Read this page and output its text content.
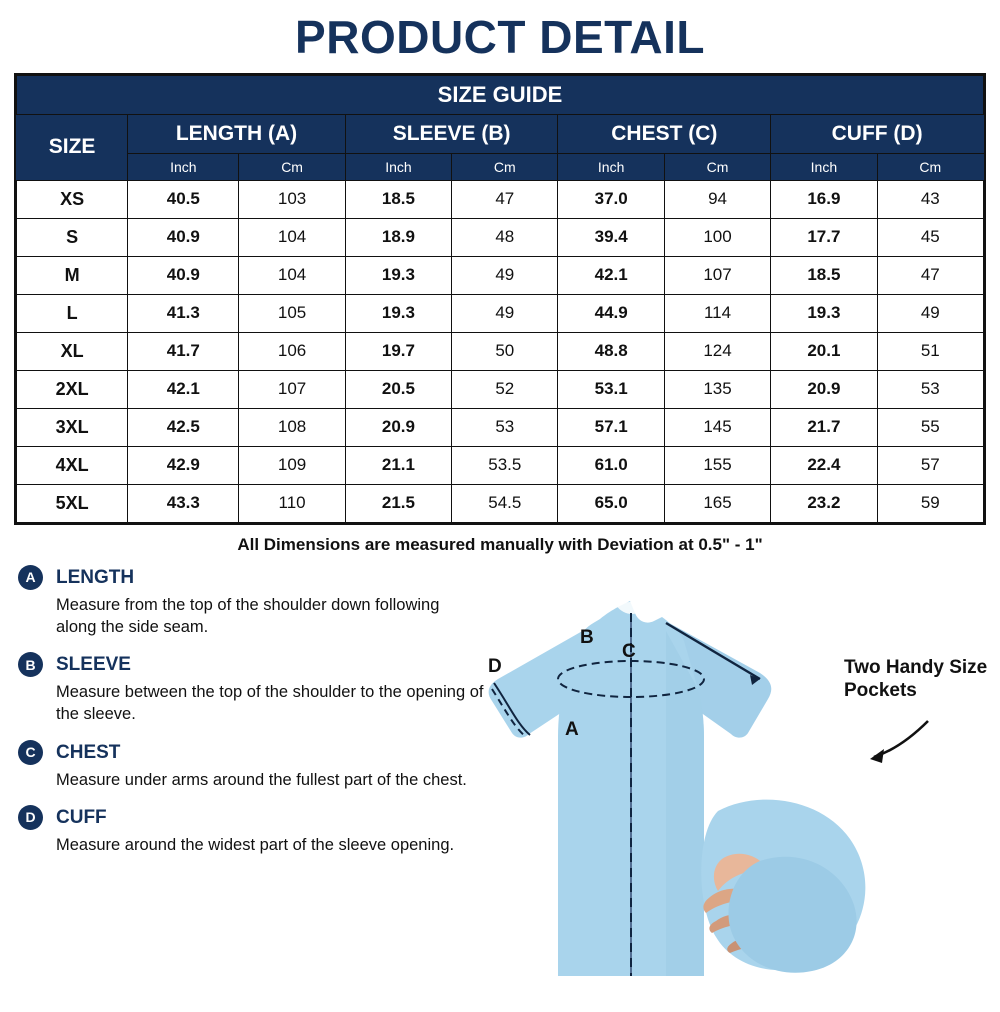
PRODUCT DETAIL
SIZE GUIDE								
SIZE	LENGTH (A)		SLEEVE (B)		CHEST (C)		CUFF (D)	
	Inch	Cm	Inch	Cm	Inch	Cm	Inch	Cm
XS	40.5	103	18.5	47	37.0	94	16.9	43
S	40.9	104	18.9	48	39.4	100	17.7	45
M	40.9	104	19.3	49	42.1	107	18.5	47
L	41.3	105	19.3	49	44.9	114	19.3	49
XL	41.7	106	19.7	50	48.8	124	20.1	51
2XL	42.1	107	20.5	52	53.1	135	20.9	53
3XL	42.5	108	20.9	53	57.1	145	21.7	55
4XL	42.9	109	21.1	53.5	61.0	155	22.4	57
5XL	43.3	110	21.5	54.5	65.0	165	23.2	59
All Dimensions are measured manually with Deviation at 0.5" - 1"
A	LENGTH
Measure from the top of the shoulder down following along the side seam.
B	SLEEVE
Measure between the top of the shoulder to the opening of the sleeve.
C	CHEST
Measure under arms around the fullest part of the chest.
D	CUFF
Measure around the widest part of the sleeve opening.
B
D
C
A
Two Handy Size Pockets
